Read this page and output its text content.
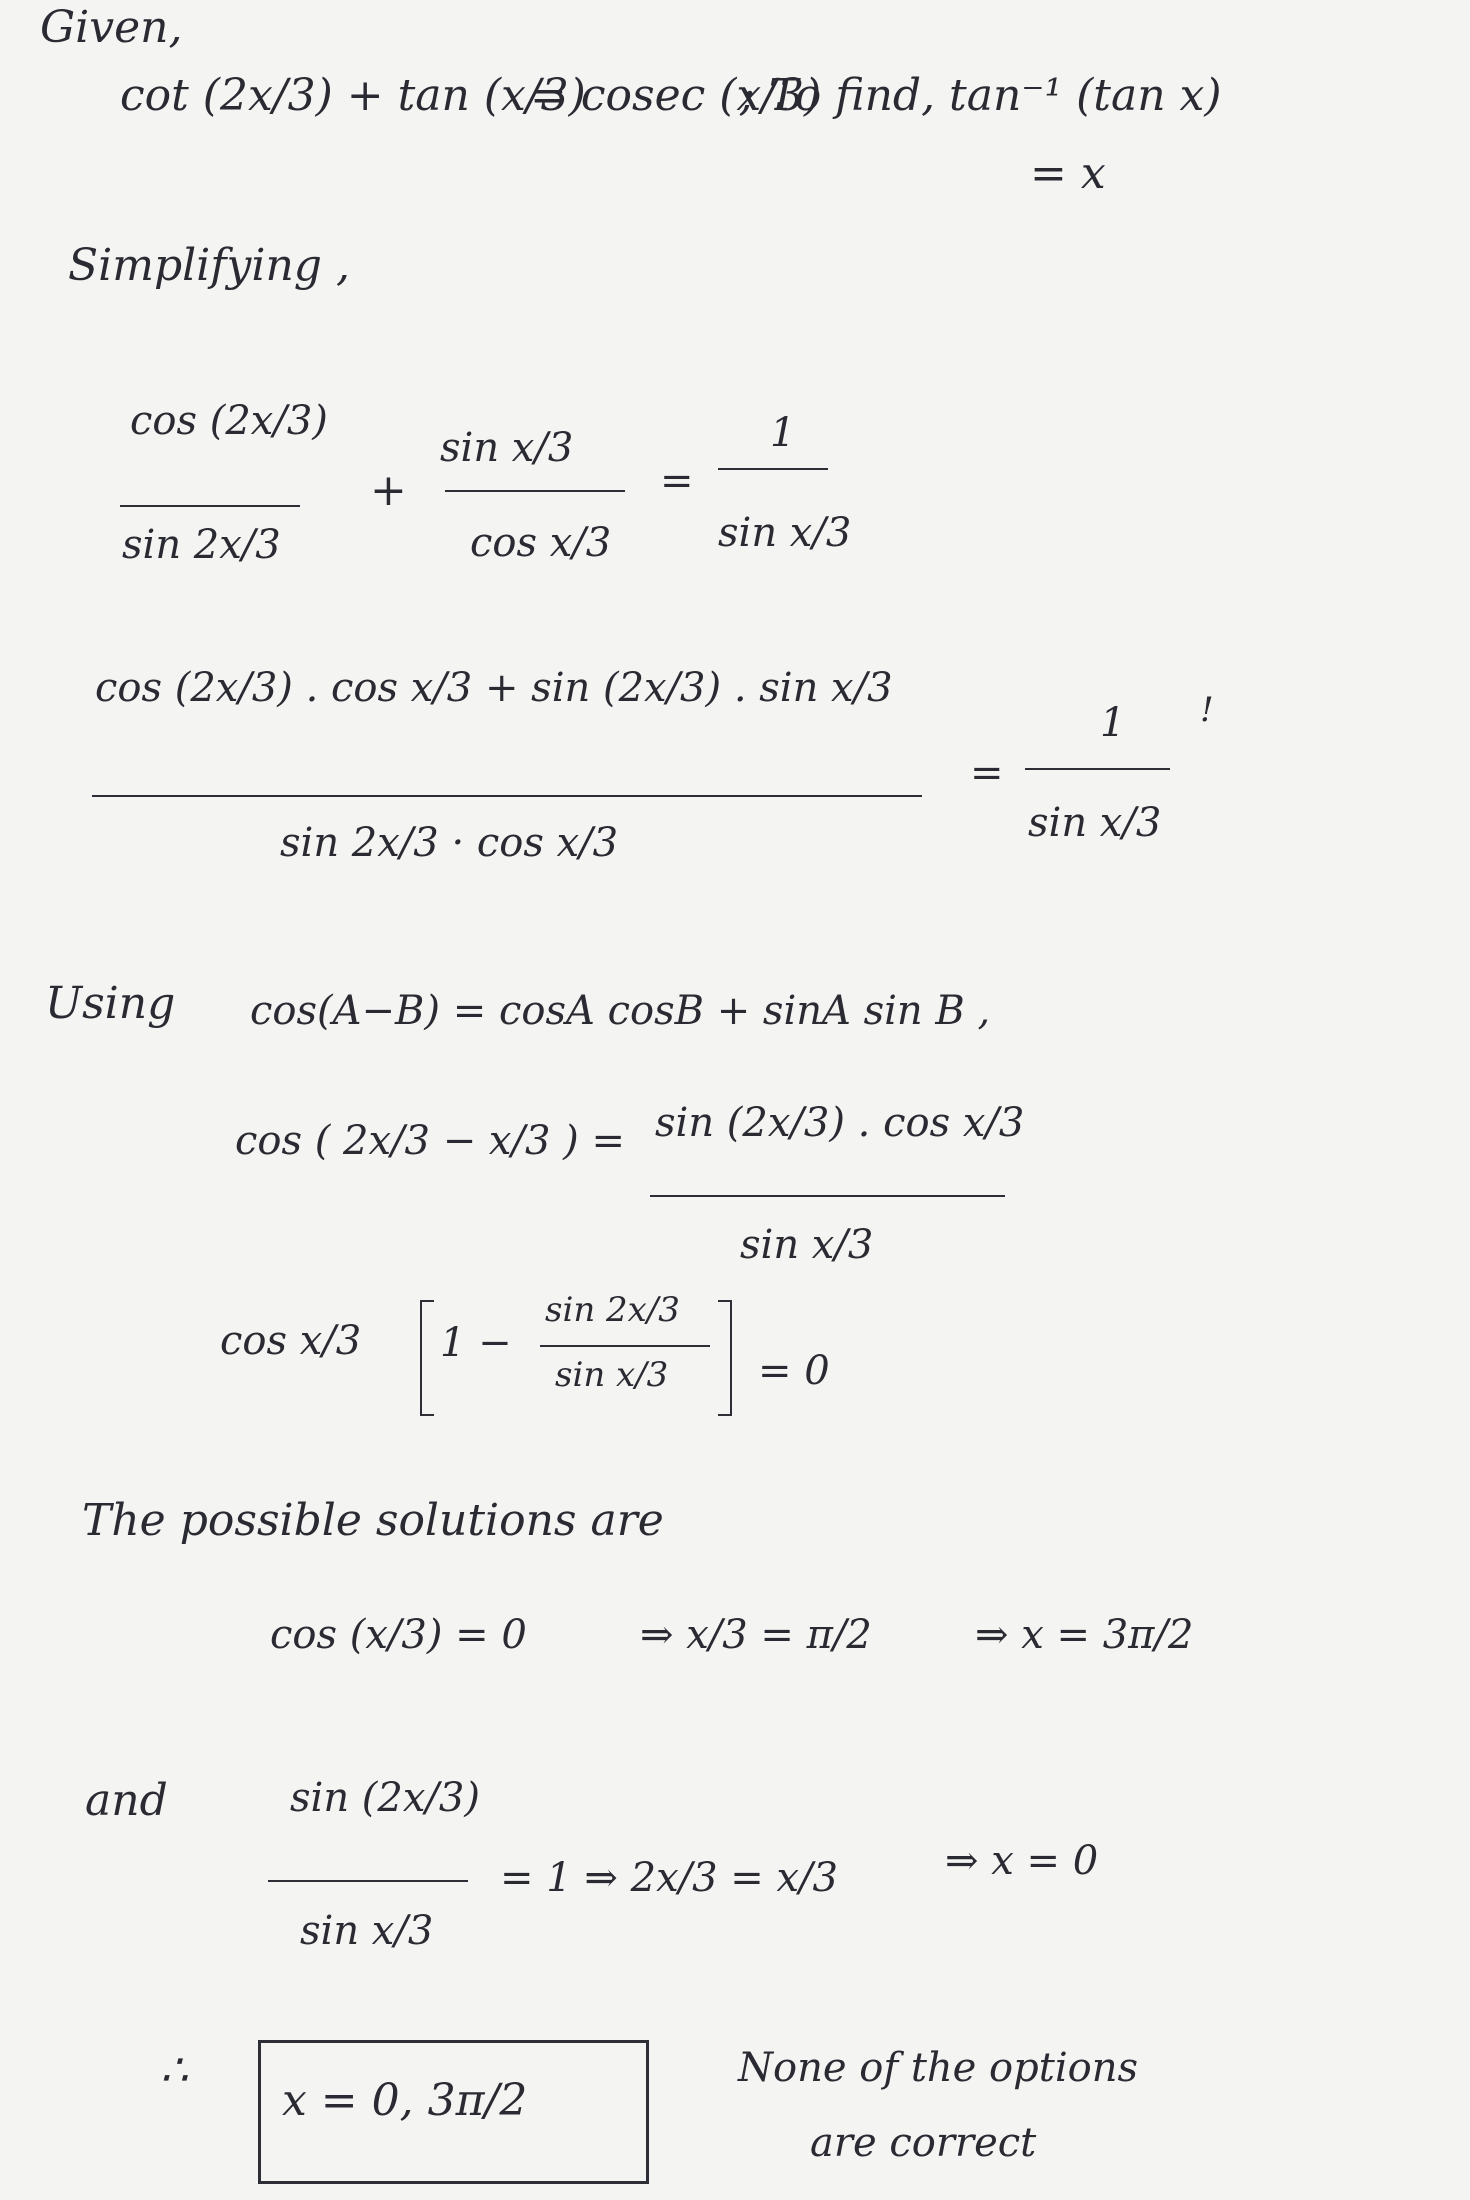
Given,
cot (2x/3) + tan (x/3)
= cosec (x/3)
; To find, tan⁻¹ (tan x)
= x
Simplifying ,
cos (2x/3)
sin 2x/3
+
sin x/3
cos x/3
=
1
sin x/3
cos (2x/3) . cos x/3 + sin (2x/3) . sin x/3
sin 2x/3 · cos x/3
=
1
sin x/3
!
Using cos(A−B) = cosA cosB + sinA sin B ,
cos ( 2x/3 − x/3 ) = sin (2x/3) . cos x/3
sin x/3
cos x/3 1 −
sin 2x/3
sin x/3 = 0
The possible solutions are
cos (x/3) = 0	⇒ x/3 = π/2	⇒ x = 3π/2
and	sin (2x/3)
sin x/3
= 1 ⇒ 2x/3 = x/3	⇒ x = 0
∴
x = 0, 3π/2
None of the options
are correct
